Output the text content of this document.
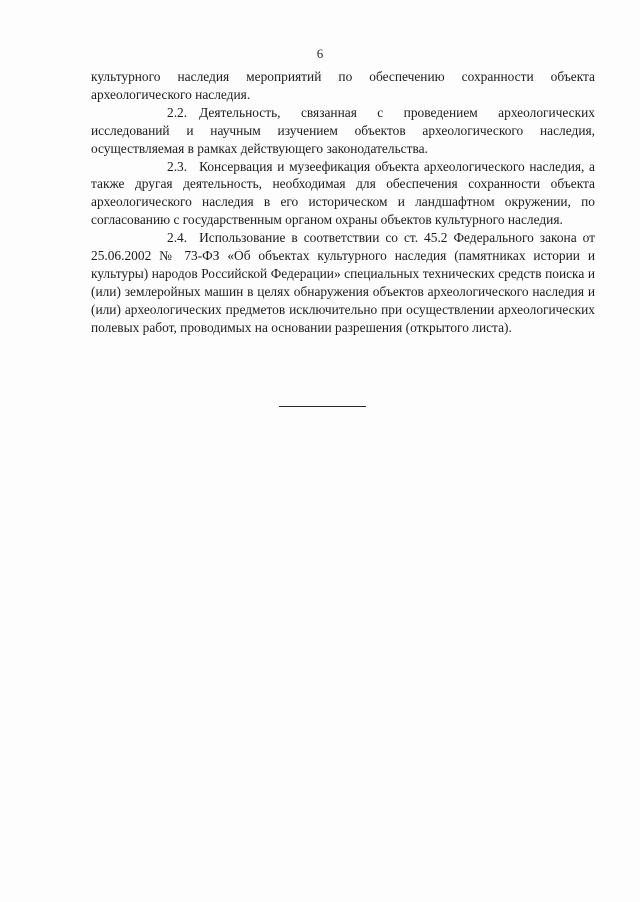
6

культурного наследия мероприятий по обеспечению сохранности объекта археологического наследия.

2.2. Деятельность, связанная с проведением археологических исследований и научным изучением объектов археологического наследия, осуществляемая в рамках действующего законодательства.

2.3. Консервация и музеефикация объекта археологического наследия, а также другая деятельность, необходимая для обеспечения сохранности объекта археологического наследия в его историческом и ландшафтном окружении, по согласованию с государственным органом охраны объектов культурного наследия.

2.4. Использование в соответствии со ст. 45.2 Федерального закона от 25.06.2002 № 73-ФЗ «Об объектах культурного наследия (памятниках истории и культуры) народов Российской Федерации» специальных технических средств поиска и (или) землеройных машин в целях обнаружения объектов археологического наследия и (или) археологических предметов исключительно при осуществлении археологических полевых работ, проводимых на основании разрешения (открытого листа).
